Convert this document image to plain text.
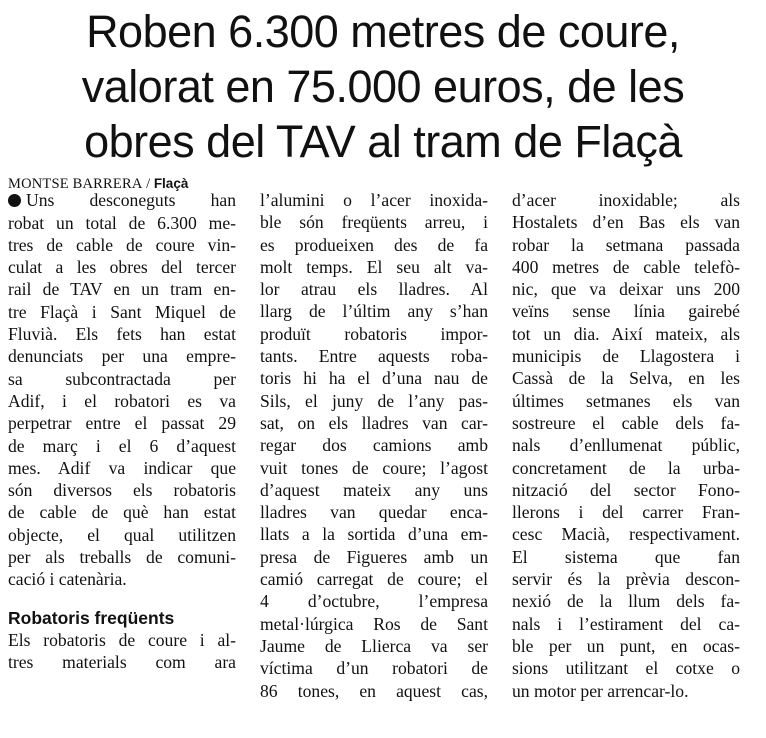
Roben 6.300 metres de coure,
valorat en 75.000 euros, de les
obres del TAV al tram de Flaçà
MONTSE BARRERA / Flaçà
Uns desconeguts han
robat un total de 6.300 me-
tres de cable de coure vin-
culat a les obres del tercer
rail de TAV en un tram en-
tre Flaçà i Sant Miquel de
Fluvià. Els fets han estat
denunciats per una empre-
sa subcontractada per
Adif, i el robatori es va
perpetrar entre el passat 29
de març i el 6 d’aquest
mes. Adif va indicar que
són diversos els robatoris
de cable de què han estat
objecte, el qual utilitzen
per als treballs de comuni-
cació i catenària.
Robatoris freqüents
Els robatoris de coure i al-
tres materials com ara
l’alumini o l’acer inoxida-
ble són freqüents arreu, i
es produeixen des de fa
molt temps. El seu alt va-
lor atrau els lladres. Al
llarg de l’últim any s’han
produït robatoris impor-
tants. Entre aquests roba-
toris hi ha el d’una nau de
Sils, el juny de l’any pas-
sat, on els lladres van car-
regar dos camions amb
vuit tones de coure; l’agost
d’aquest mateix any uns
lladres van quedar enca-
llats a la sortida d’una em-
presa de Figueres amb un
camió carregat de coure; el
4 d’octubre, l’empresa
metal·lúrgica Ros de Sant
Jaume de Llierca va ser
víctima d’un robatori de
86 tones, en aquest cas,
d’acer inoxidable; als
Hostalets d’en Bas els van
robar la setmana passada
400 metres de cable telefò-
nic, que va deixar uns 200
veïns sense línia gairebé
tot un dia. Així mateix, als
municipis de Llagostera i
Cassà de la Selva, en les
últimes setmanes els van
sostreure el cable dels fa-
nals d’enllumenat públic,
concretament de la urba-
nització del sector Fono-
llerons i del carrer Fran-
cesc Macià, respectivament.
El sistema que fan
servir és la prèvia descon-
nexió de la llum dels fa-
nals i l’estirament del ca-
ble per un punt, en ocas-
sions utilitzant el cotxe o
un motor per arrencar-lo.
